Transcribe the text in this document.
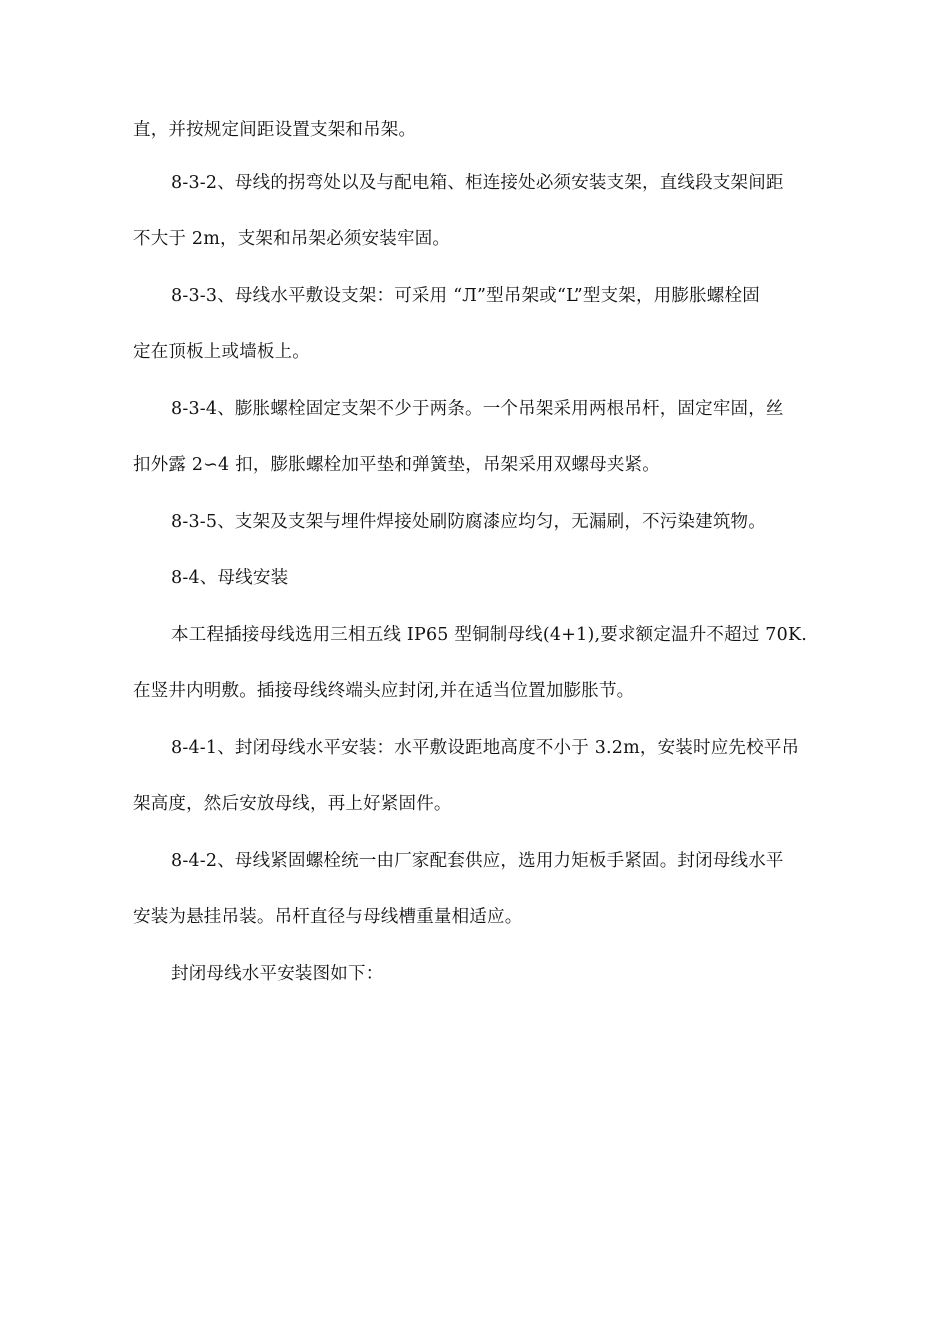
直，并按规定间距设置支架和吊架。
8-3-2、母线的拐弯处以及与配电箱、柜连接处必须安装支架，直线段支架间距
不大于 2m，支架和吊架必须安装牢固。
8-3-3、母线水平敷设支架：可采用 “Л”型吊架或“L”型支架，用膨胀螺栓固
定在顶板上或墙板上。
8-3-4、膨胀螺栓固定支架不少于两条。一个吊架采用两根吊杆，固定牢固，丝
扣外露 2∽4 扣，膨胀螺栓加平垫和弹簧垫，吊架采用双螺母夹紧。
8-3-5、支架及支架与埋件焊接处刷防腐漆应均匀，无漏刷，不污染建筑物。
8-4、母线安装
本工程插接母线选用三相五线 IP65 型铜制母线(4+1),要求额定温升不超过 70K.
在竖井内明敷。插接母线终端头应封闭,并在适当位置加膨胀节。
8-4-1、封闭母线水平安装：水平敷设距地高度不小于 3.2m，安装时应先校平吊
架高度，然后安放母线，再上好紧固件。
8-4-2、母线紧固螺栓统一由厂家配套供应，选用力矩板手紧固。封闭母线水平
安装为悬挂吊装。吊杆直径与母线槽重量相适应。
封闭母线水平安装图如下：
